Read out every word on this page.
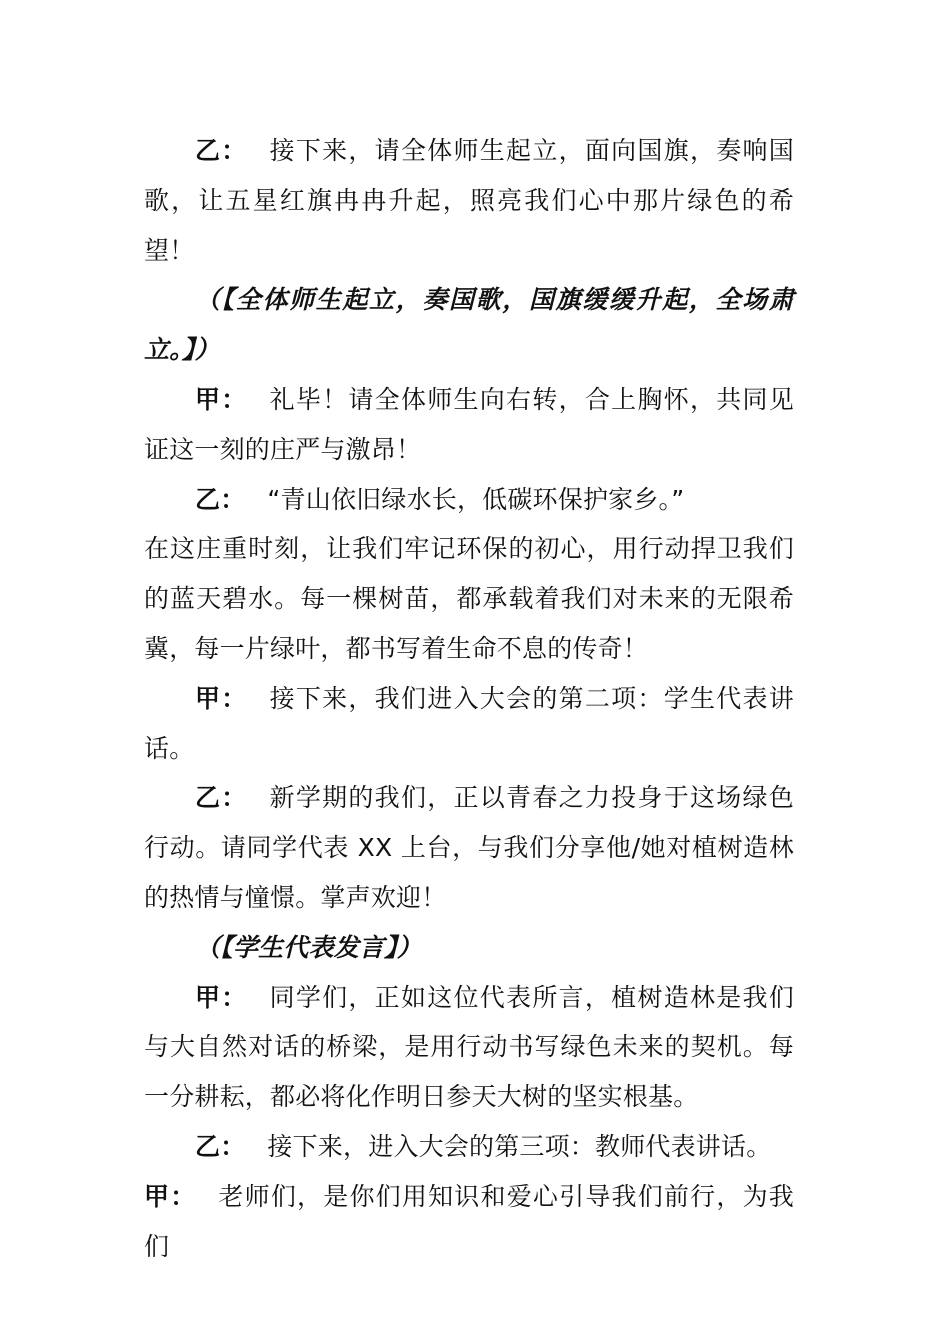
乙： 接下来，请全体师生起立，面向国旗，奏响国歌，让五星红旗冉冉升起，照亮我们心中那片绿色的希望！

（【全体师生起立，奏国歌，国旗缓缓升起，全场肃立。】）

甲： 礼毕！请全体师生向右转，合上胸怀，共同见证这一刻的庄严与激昂！

乙： “青山依旧绿水长，低碳环保护家乡。”

在这庄重时刻，让我们牢记环保的初心，用行动捍卫我们的蓝天碧水。每一棵树苗，都承载着我们对未来的无限希冀，每一片绿叶，都书写着生命不息的传奇！

甲： 接下来，我们进入大会的第二项：学生代表讲话。

乙： 新学期的我们，正以青春之力投身于这场绿色行动。请同学代表 XX 上台，与我们分享他/她对植树造林的热情与憧憬。掌声欢迎！

（【学生代表发言】）

甲： 同学们，正如这位代表所言，植树造林是我们与大自然对话的桥梁，是用行动书写绿色未来的契机。每一分耕耘，都必将化作明日参天大树的坚实根基。

乙： 接下来，进入大会的第三项：教师代表讲话。

甲： 老师们，是你们用知识和爱心引导我们前行，为我们
